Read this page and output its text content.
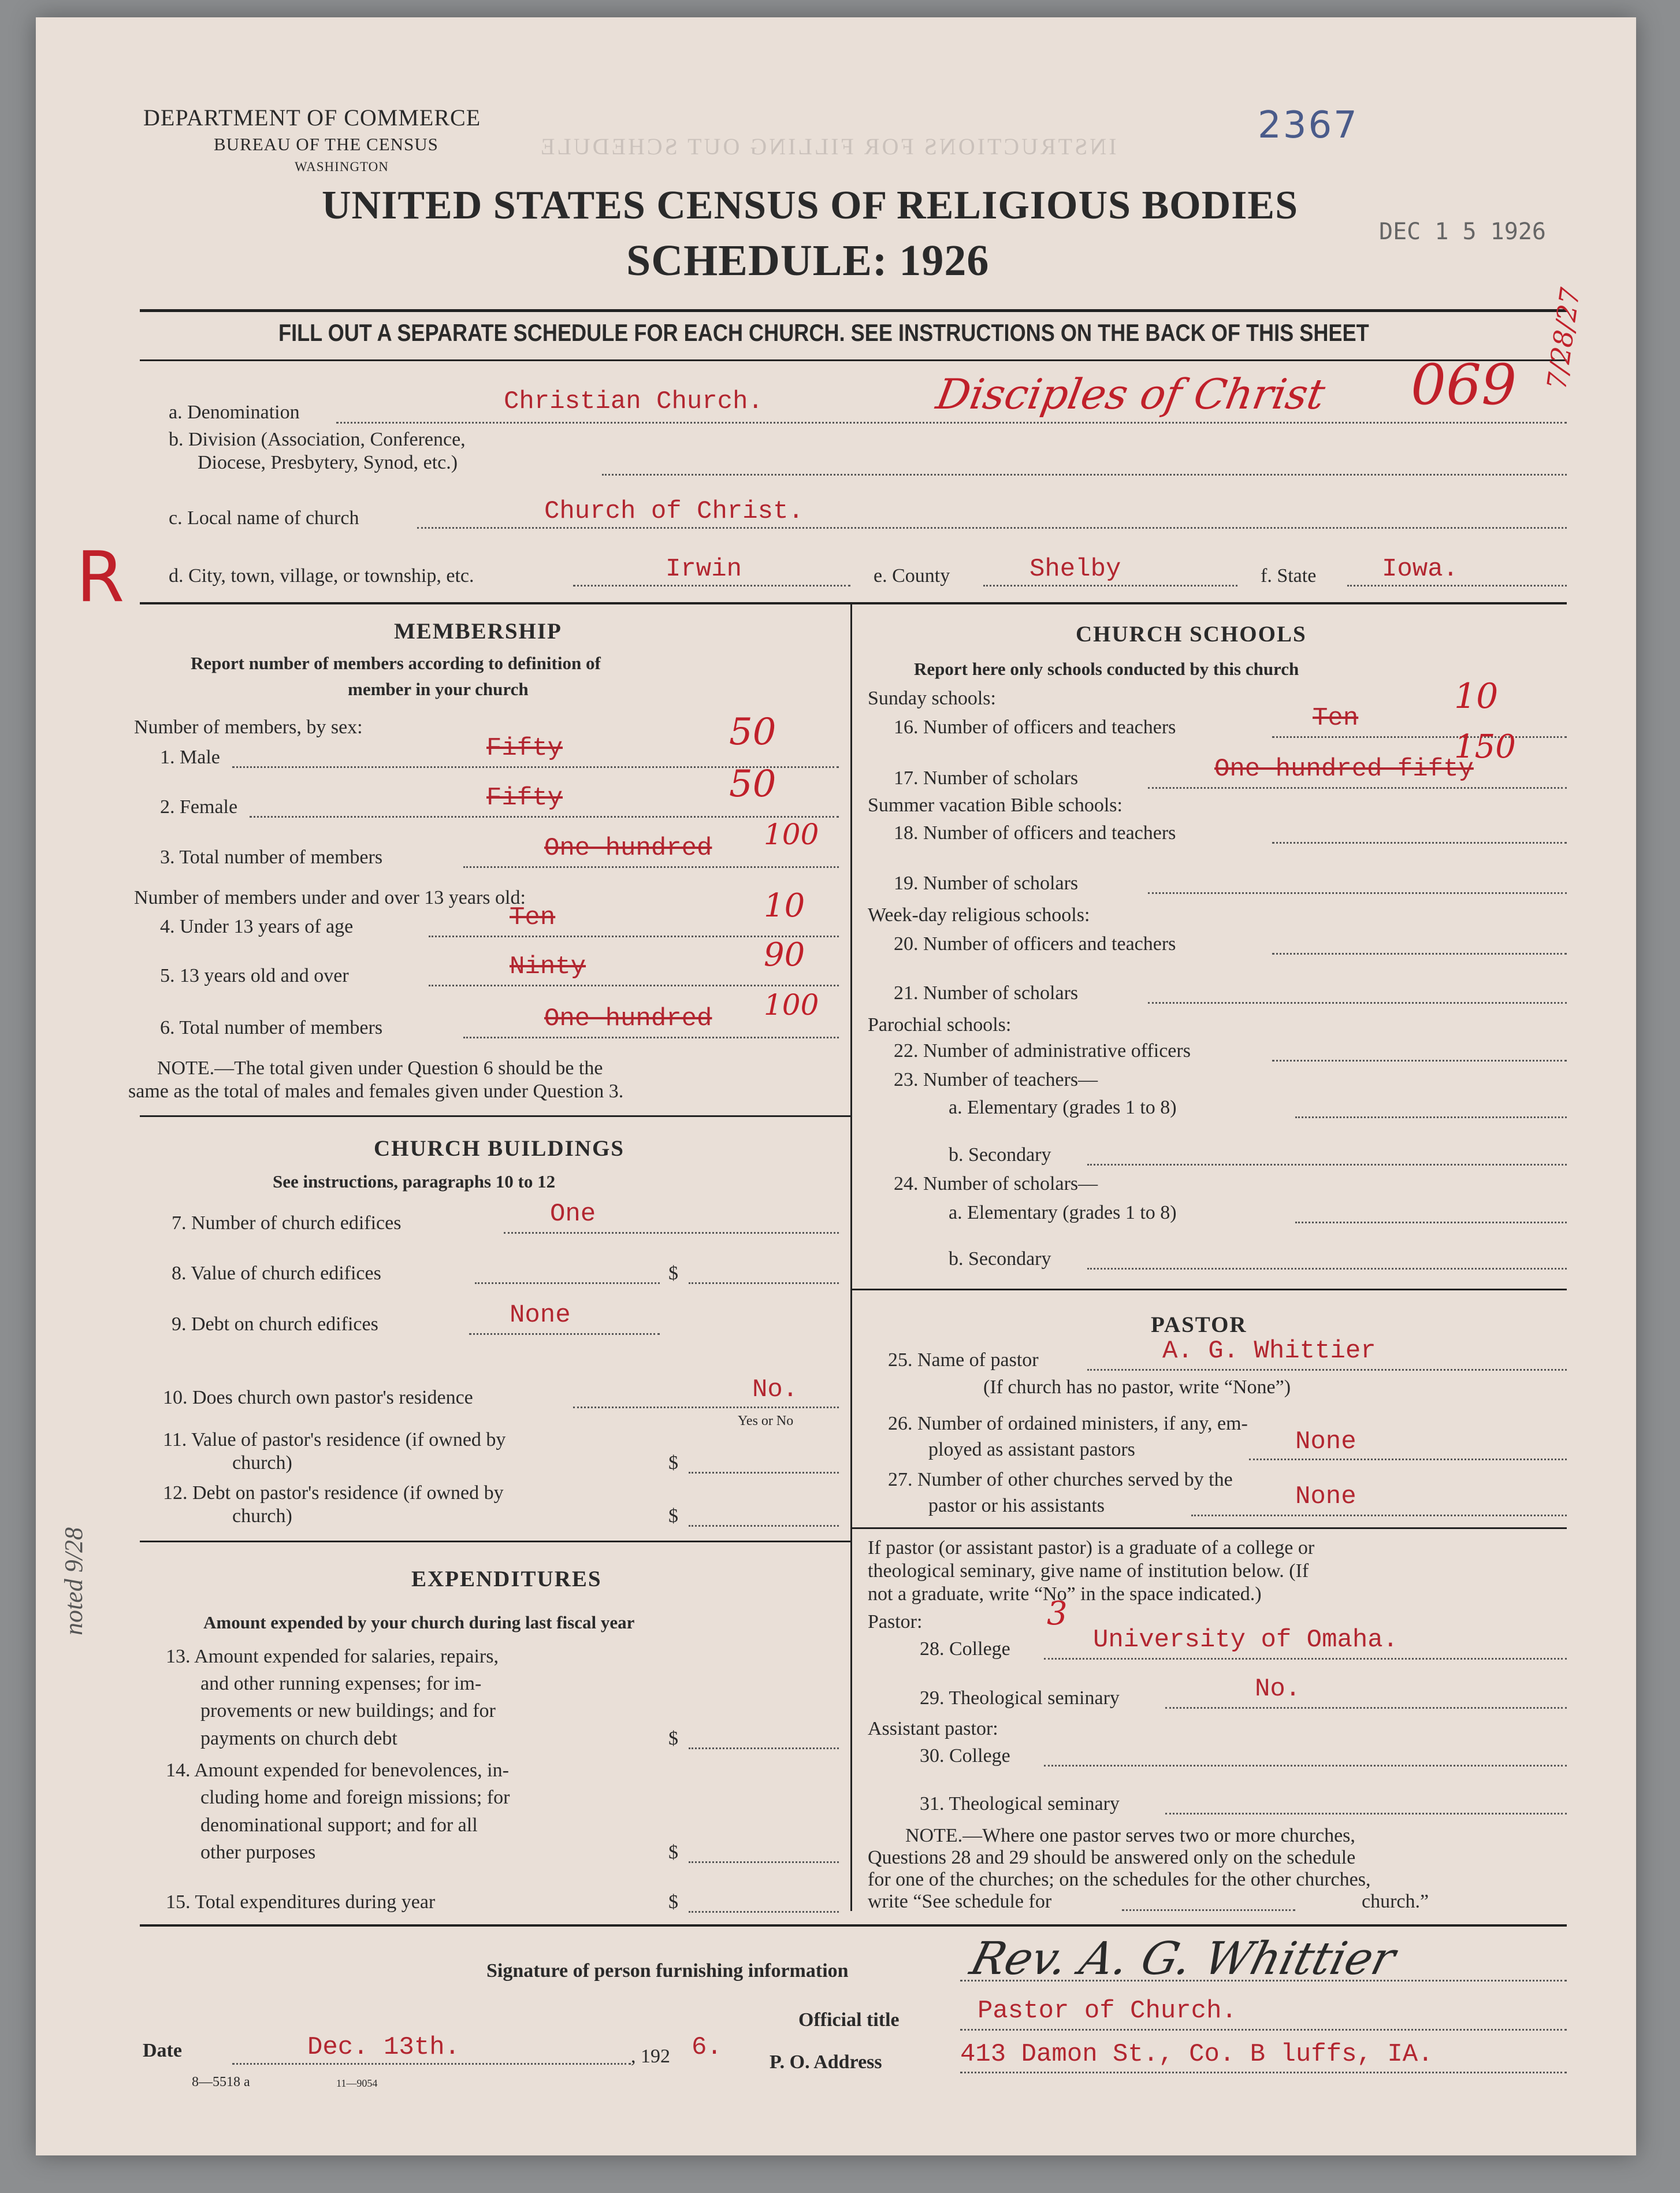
INSTRUCTIONS FOR FILLING OUT SCHEDULE
DEPARTMENT OF COMMERCE
BUREAU OF THE CENSUS
WASHINGTON
2367
DEC 1 5 1926
UNITED STATES CENSUS OF RELIGIOUS BODIES
SCHEDULE: 1926
FILL OUT A SEPARATE SCHEDULE FOR EACH CHURCH. SEE INSTRUCTIONS ON THE BACK OF THIS SHEET
a. Denomination	Christian Church.	Disciples of Christ 069 7/28/27
b. Division (Association, Conference,
Diocese, Presbytery, Synod, etc.)
c. Local name of church	Church of Christ.
R d. City, town, village, or township, etc.	Irwin	e. County	Shelby	f. State	Iowa.
MEMBERSHIP
Report number of members according to definition of
member in your church
Number of members, by sex:
1. Male	Fifty	50
2. Female	Fifty	50
3. Total number of members	One hundred 100
Number of members under and over 13 years old:
4. Under 13 years of age	Ten	10
5. 13 years old and over	Ninty	90
6. Total number of members	One hundred 100
NOTE.—The total given under Question 6 should be the
same as the total of males and females given under Question 3.
CHURCH BUILDINGS
See instructions, paragraphs 10 to 12
7. Number of church edifices	One
8. Value of church edifices	$
9. Debt on church edifices	None
10. Does church own pastor's residence	No.
Yes or No
11. Value of pastor's residence (if owned by
church)	$
12. Debt on pastor's residence (if owned by
church)	$
EXPENDITURES
Amount expended by your church during last fiscal year
13. Amount expended for salaries, repairs,
and other running expenses; for im-
provements or new buildings; and for
payments on church debt	$
14. Amount expended for benevolences, in-
cluding home and foreign missions; for
denominational support; and for all
other purposes	$
15. Total expenditures during year	$
noted 9/28
CHURCH SCHOOLS
Report here only schools conducted by this church
Sunday schools:
16. Number of officers and teachers	Ten
10
17. Number of scholars	One hundred fifty
150
Summer vacation Bible schools:
18. Number of officers and teachers
19. Number of scholars
Week-day religious schools:
20. Number of officers and teachers
21. Number of scholars
Parochial schools:
22. Number of administrative officers
23. Number of teachers—
a. Elementary (grades 1 to 8)
b. Secondary
24. Number of scholars—
a. Elementary (grades 1 to 8)
b. Secondary
PASTOR
25. Name of pastor	A. G. Whittier
(If church has no pastor, write “None”)
26. Number of ordained ministers, if any, em-
ployed as assistant pastors	None
27. Number of other churches served by the
pastor or his assistants	None
If pastor (or assistant pastor) is a graduate of a college or
theological seminary, give name of institution below. (If
not a graduate, write “No” in the space indicated.)
Pastor:	3
28. College	University of Omaha.
29. Theological seminary	No.
Assistant pastor:
30. College
31. Theological seminary
NOTE.—Where one pastor serves two or more churches,
Questions 28 and 29 should be answered only on the schedule
for one of the churches; on the schedules for the other churches,
write “See schedule for	church.”
Signature of person furnishing information	Rev. A. G. Whittier
Official title	Pastor of Church.
Date	Dec. 13th.	, 192 6.
P. O. Address	413 Damon St., Co. B luffs, IA.
8—5518 a	11—9054
